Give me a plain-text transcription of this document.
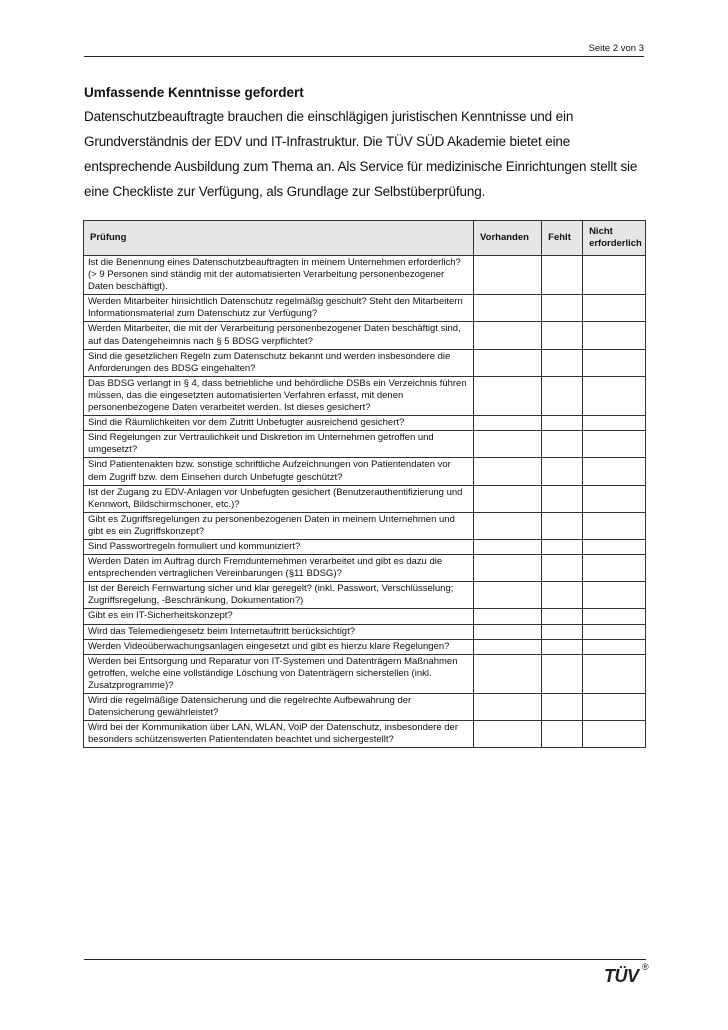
Seite 2 von 3

Umfassende Kenntnisse gefordert

Datenschutzbeauftragte brauchen die einschlägigen juristischen Kenntnisse und ein Grundverständnis der EDV und IT-Infrastruktur. Die TÜV SÜD Akademie bietet eine entsprechende Ausbildung zum Thema an. Als Service für medizinische Einrichtungen stellt sie eine Checkliste zur Verfügung, als Grundlage zur Selbstüberprüfung.

Prüfung	Vorhanden	Fehlt	Nicht erforderlich
Ist die Benennung eines Datenschutzbeauftragten in meinem Unternehmen erforderlich? (> 9 Personen sind ständig mit der automatisierten Verarbeitung personenbezogener Daten beschäftigt).			
Werden Mitarbeiter hinsichtlich Datenschutz regelmäßig geschult? Steht den Mitarbeitern Informationsmaterial zum Datenschutz zur Verfügung?			
Werden Mitarbeiter, die mit der Verarbeitung personenbezogener Daten beschäftigt sind, auf das Datengeheimnis nach § 5 BDSG verpflichtet?			
Sind die gesetzlichen Regeln zum Datenschutz bekannt und werden insbesondere die Anforderungen des BDSG eingehalten?			
Das BDSG verlangt in § 4, dass betriebliche und behördliche DSBs ein Verzeichnis führen müssen, das die eingesetzten automatisierten Verfahren erfasst, mit denen personenbezogene Daten verarbeitet werden. Ist dieses gesichert?			
Sind die Räumlichkeiten vor dem Zutritt Unbefugter ausreichend gesichert?			
Sind Regelungen zur Vertraulichkeit und Diskretion im Unternehmen getroffen und umgesetzt?			
Sind Patientenakten bzw. sonstige schriftliche Aufzeichnungen von Patientendaten vor dem Zugriff bzw. dem Einsehen durch Unbefugte geschützt?			
Ist der Zugang zu EDV-Anlagen vor Unbefugten gesichert (Benutzerauthentifizierung und Kennwort, Bildschirmschoner, etc.)?			
Gibt es Zugriffsregelungen zu personenbezogenen Daten in meinem Unternehmen und gibt es ein Zugriffskonzept?			
Sind Passwortregeln formuliert und kommuniziert?			
Werden Daten im Auftrag durch Fremdunternehmen verarbeitet und gibt es dazu die entsprechenden vertraglichen Vereinbarungen (§11 BDSG)?			
Ist der Bereich Fernwartung sicher und klar geregelt? (inkl. Passwort, Verschlüsselung; Zugriffsregelung, -Beschränkung, Dokumentation?)			
Gibt es ein IT-Sicherheitskonzept?			
Wird das Telemediengesetz beim Internetauftritt berücksichtigt?			
Werden Videoüberwachungsanlagen eingesetzt und gibt es hierzu klare Regelungen?			
Werden bei Entsorgung und Reparatur von IT-Systemen und Datenträgern Maßnahmen getroffen, welche eine vollständige Löschung von Datenträgern sicherstellen (inkl. Zusatzprogramme)?			
Wird die regelmäßige Datensicherung und die regelrechte Aufbewahrung der Datensicherung gewährleistet?			
Wird bei der Kommunikation über LAN, WLAN, VoiP der Datenschutz, insbesondere der besonders schützenswerten Patientendaten beachtet und sichergestellt?			
TÜV ®
